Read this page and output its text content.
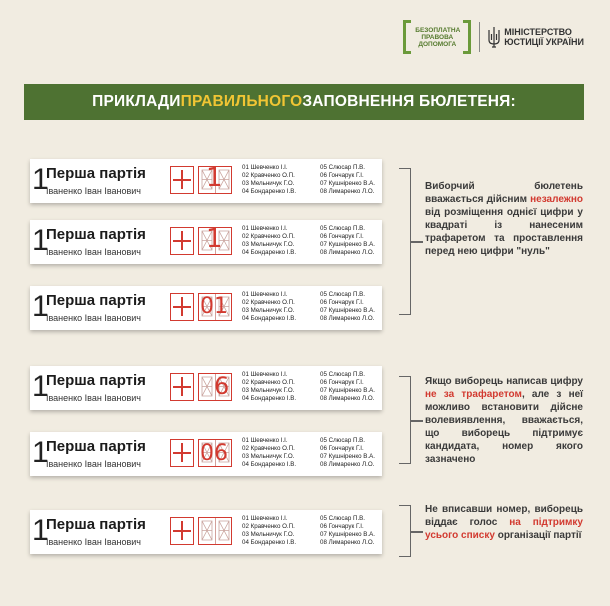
БЕЗОПЛАТНА ПРАВОВА ДОПОМОГА
МІНІСТЕРСТВО
ЮСТИЦІЇ УКРАЇНИ
ПРИКЛАДИ ПРАВИЛЬНОГО ЗАПОВНЕННЯ БЮЛЕТЕНЯ:
1
Перша партія
Іваненко Іван Іванович
01 Шевченко І.І.
02 Кравченко О.П.
03 Мельничук Г.О.
04 Бондаренко І.В.
05 Слюсар П.В.
06 Гончарук Г.І.
07 Кушніренко В.А.
08 Лимаренко Л.О.
1
1
Перша партія
Іваненко Іван Іванович
01 Шевченко І.І.
02 Кравченко О.П.
03 Мельничук Г.О.
04 Бондаренко І.В.
05 Слюсар П.В.
06 Гончарук Г.І.
07 Кушніренко В.А.
08 Лимаренко Л.О.
1
1
Перша партія
Іваненко Іван Іванович
01 Шевченко І.І.
02 Кравченко О.П.
03 Мельничук Г.О.
04 Бондаренко І.В.
05 Слюсар П.В.
06 Гончарук Г.І.
07 Кушніренко В.А.
08 Лимаренко Л.О.
01
1
Перша партія
Іваненко Іван Іванович
01 Шевченко І.І.
02 Кравченко О.П.
03 Мельничук Г.О.
04 Бондаренко І.В.
05 Слюсар П.В.
06 Гончарук Г.І.
07 Кушніренко В.А.
08 Лимаренко Л.О.
6
1
Перша партія
Іваненко Іван Іванович
01 Шевченко І.І.
02 Кравченко О.П.
03 Мельничук Г.О.
04 Бондаренко І.В.
05 Слюсар П.В.
06 Гончарук Г.І.
07 Кушніренко В.А.
08 Лимаренко Л.О.
06
1
Перша партія
Іваненко Іван Іванович
01 Шевченко І.І.
02 Кравченко О.П.
03 Мельничук Г.О.
04 Бондаренко І.В.
05 Слюсар П.В.
06 Гончарук Г.І.
07 Кушніренко В.А.
08 Лимаренко Л.О.
Виборчий бюлетень вважається дійсним незалежно від розміщення однієї цифри у квадраті із нанесеним трафаретом та проставлення перед нею цифри "нуль"
Якщо виборець написав цифру не за трафаретом, але з неї можливо встановити дійсне волевиявлення, вважається, що виборець підтримує кандидата, номер якого зазначено
Не вписавши номер, виборець віддає голос на підтримку усього списку організації партії
